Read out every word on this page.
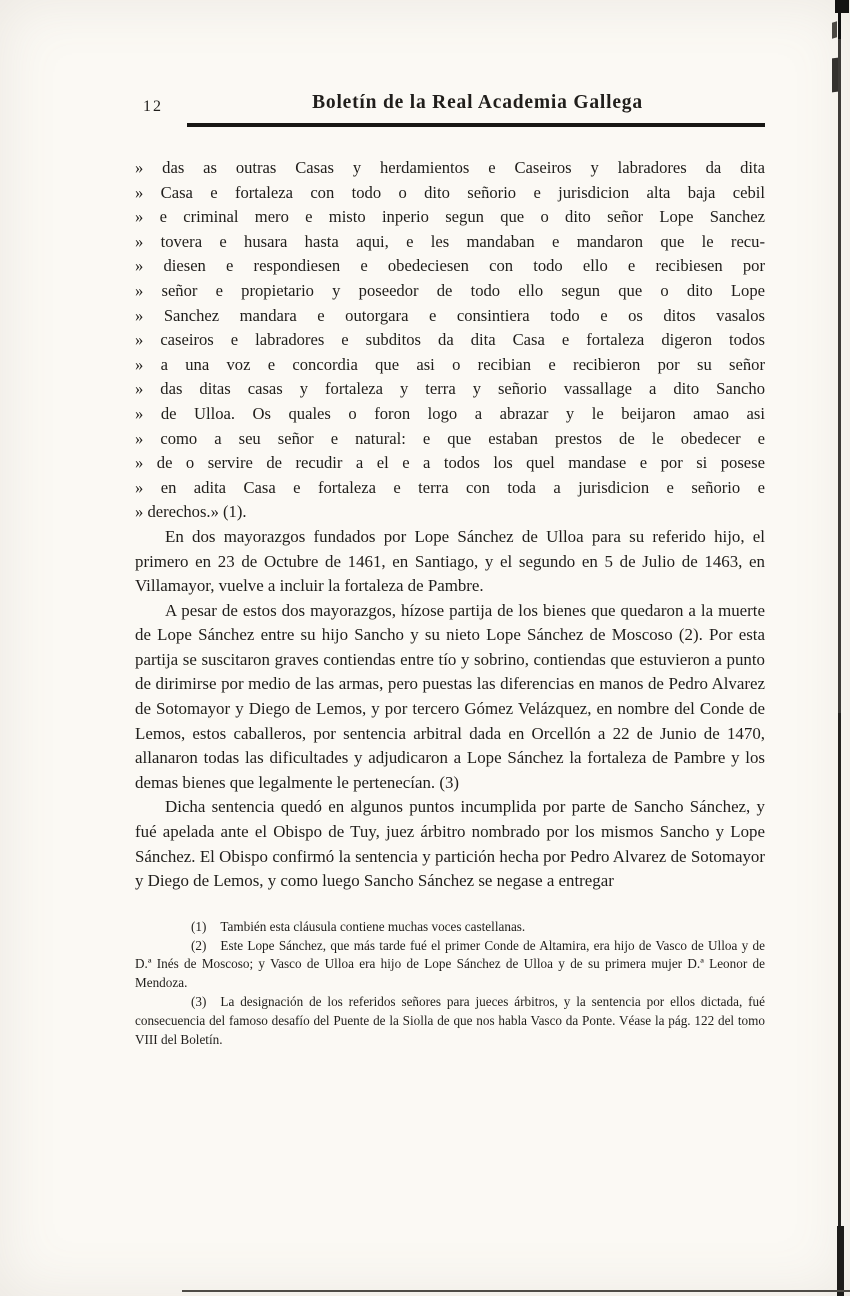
12	Boletín de la Real Academia Gallega
» das as outras Casas y herdamientos e Caseiros y labradores da dita
» Casa e fortaleza con todo o dito señorio e jurisdicion alta baja cebil
» e criminal mero e misto inperio segun que o dito señor Lope Sanchez
» tovera e husara hasta aqui, e les mandaban e mandaron que le recu-
» diesen e respondiesen e obedeciesen con todo ello e recibiesen por
» señor e propietario y poseedor de todo ello segun que o dito Lope
» Sanchez mandara e outorgara e consintiera todo e os ditos vasalos
» caseiros e labradores e subditos da dita Casa e fortaleza digeron todos
» a una voz e concordia que asi o recibian e recibieron por su señor
» das ditas casas y fortaleza y terra y señorio vassallage a dito Sancho
» de Ulloa. Os quales o foron logo a abrazar y le beijaron amao asi
» como a seu señor e natural: e que estaban prestos de le obedecer e
» de o servire de recudir a el e a todos los quel mandase e por si posese
» en adita Casa e fortaleza e terra con toda a jurisdicion e señorio e
» derechos.» (1).

En dos mayorazgos fundados por Lope Sánchez de Ulloa para su referido hijo, el primero en 23 de Octubre de 1461, en Santiago, y el segundo en 5 de Julio de 1463, en Villamayor, vuelve a incluir la fortaleza de Pambre.

A pesar de estos dos mayorazgos, hízose partija de los bienes que quedaron a la muerte de Lope Sánchez entre su hijo Sancho y su nieto Lope Sánchez de Moscoso (2). Por esta partija se suscitaron graves contiendas entre tío y sobrino, contiendas que estuvieron a punto de dirimirse por medio de las armas, pero puestas las diferencias en manos de Pedro Alvarez de Sotomayor y Diego de Lemos, y por tercero Gómez Velázquez, en nombre del Conde de Lemos, estos caballeros, por sentencia arbitral dada en Orcellón a 22 de Junio de 1470, allanaron todas las dificultades y adjudicaron a Lope Sánchez la fortaleza de Pambre y los demas bienes que legalmente le pertenecían. (3)

Dicha sentencia quedó en algunos puntos incumplida por parte de Sancho Sánchez, y fué apelada ante el Obispo de Tuy, juez árbitro nombrado por los mismos Sancho y Lope Sánchez. El Obispo confirmó la sentencia y partición hecha por Pedro Alvarez de Sotomayor y Diego de Lemos, y como luego Sancho Sánchez se negase a entregar

(1) También esta cláusula contiene muchas voces castellanas.

(2) Este Lope Sánchez, que más tarde fué el primer Conde de Altamira, era hijo de Vasco de Ulloa y de D.ª Inés de Moscoso; y Vasco de Ulloa era hijo de Lope Sánchez de Ulloa y de su primera mujer D.ª Leonor de Mendoza.

(3) La designación de los referidos señores para jueces árbitros, y la sentencia por ellos dictada, fué consecuencia del famoso desafío del Puente de la Siolla de que nos habla Vasco da Ponte. Véase la pág. 122 del tomo VIII del Boletín.
